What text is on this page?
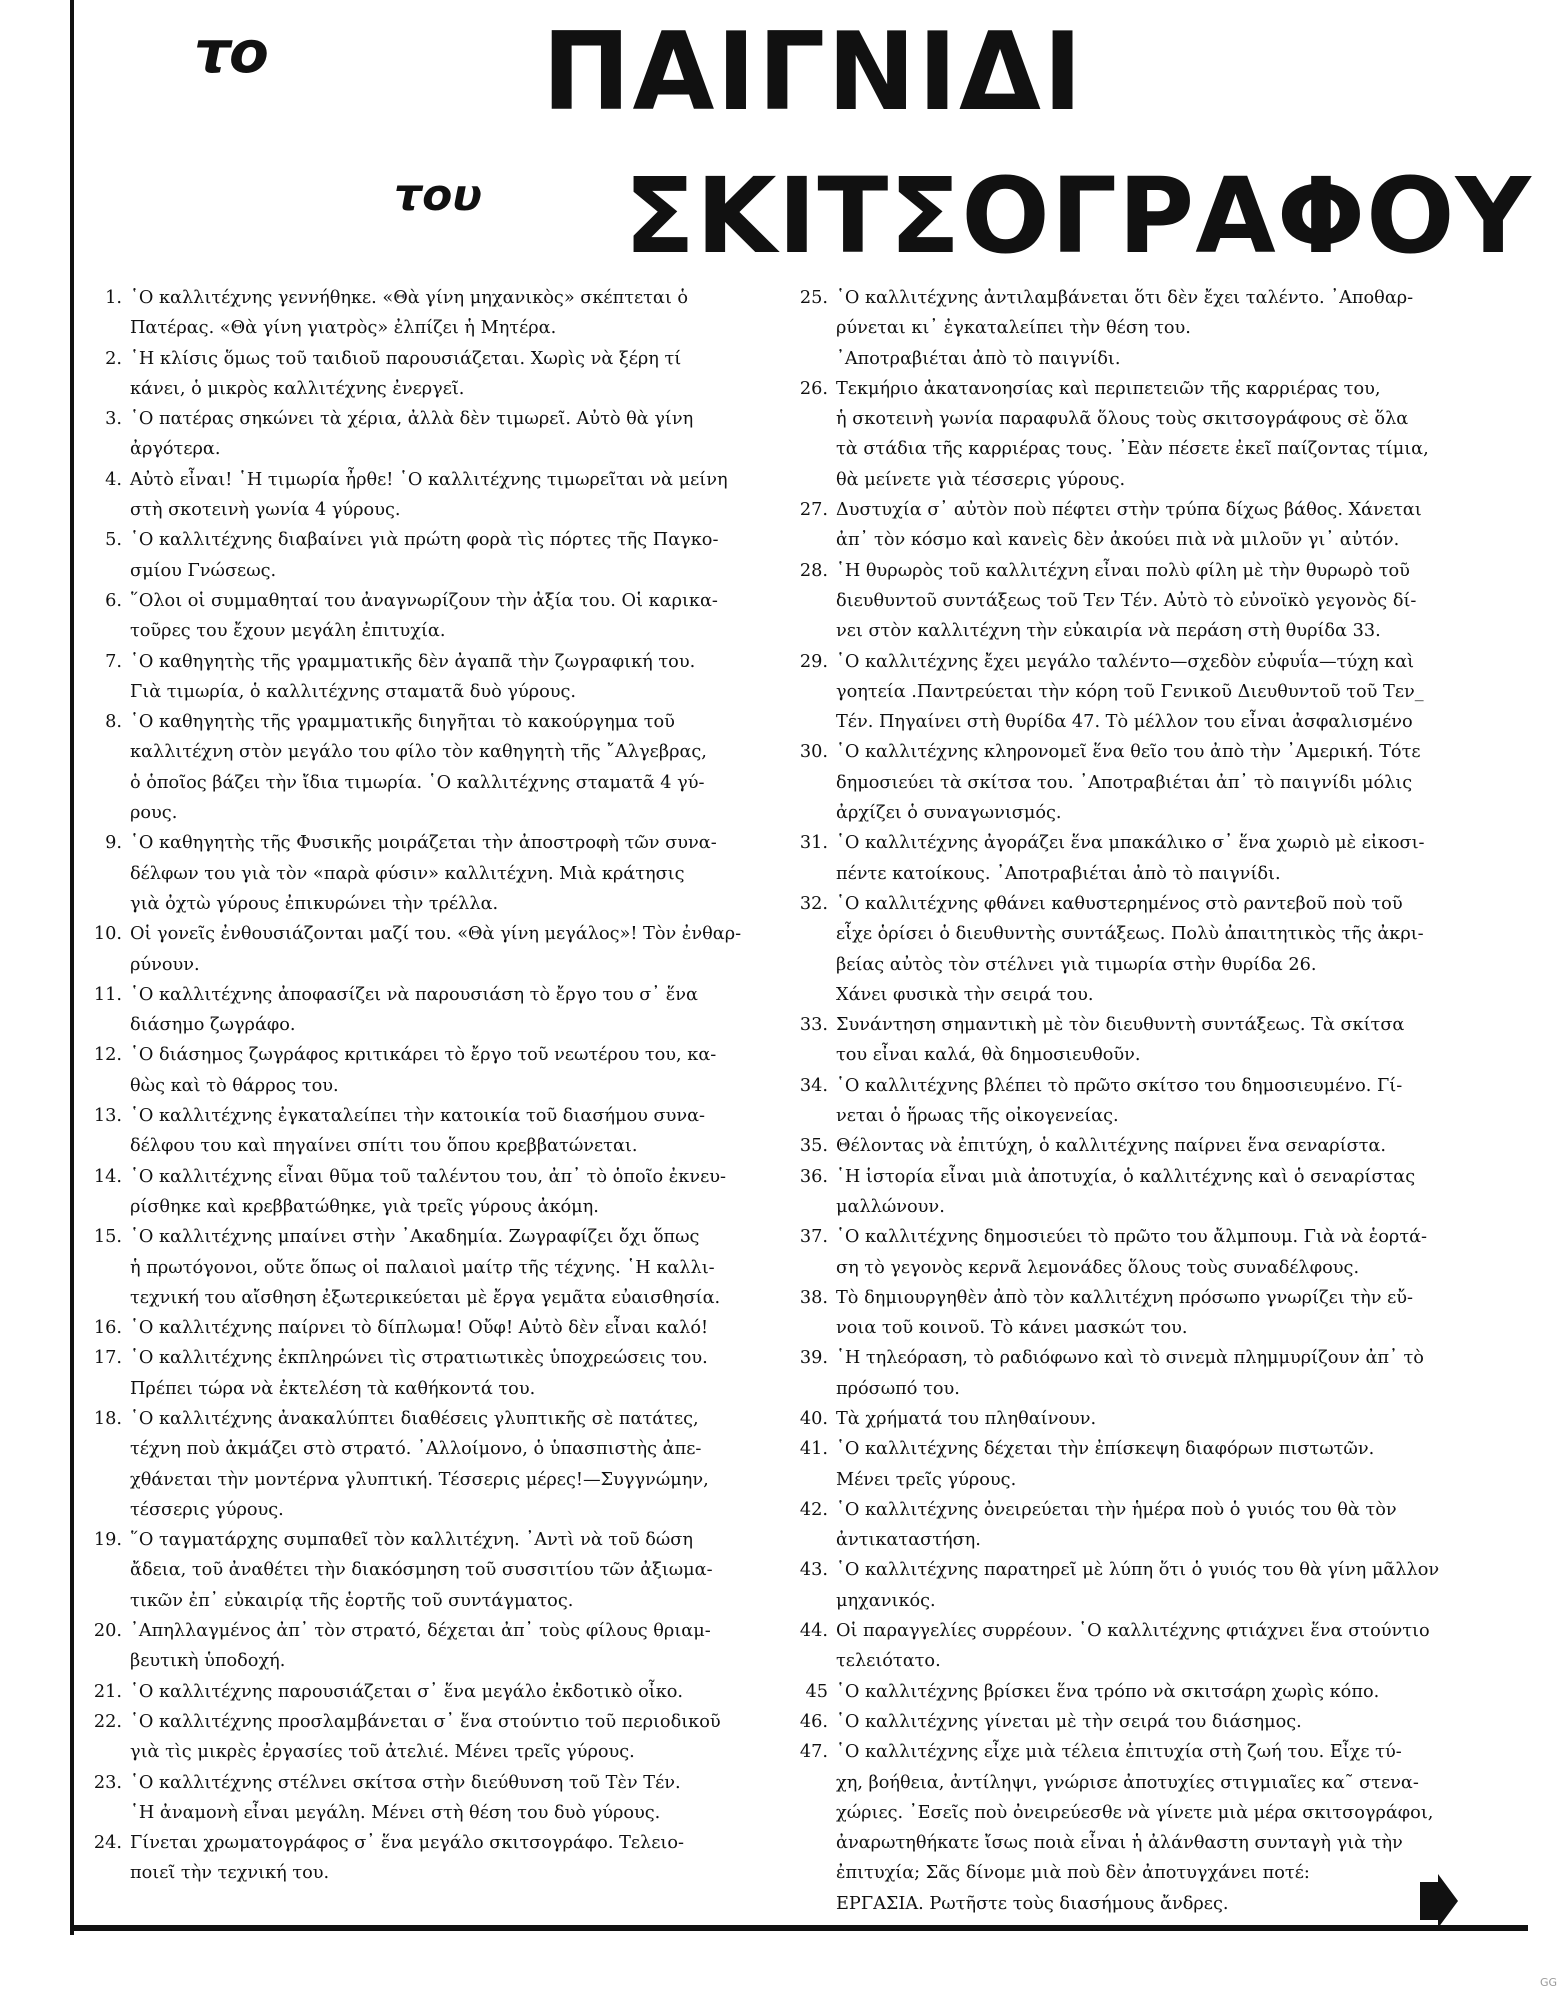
το	ΠΑΙΓΝΙΔΙ
του ΣΚΙΤΣΟΓΡΑΦΟΥ
1. ῾Ο καλλιτέχνης γεννήθηκε. «Θὰ γίνη μηχανικὸς» σκέπτεται ὁ
Πατέρας. «Θὰ γίνη γιατρὸς» ἐλπίζει ἡ Μητέρα.
2. ῾Η κλίσις ὅμως τοῦ ταιδιοῦ παρουσιάζεται. Χωρὶς νὰ ξέρη τί
κάνει, ὁ μικρὸς καλλιτέχνης ἐνεργεῖ.
3. ῾Ο πατέρας σηκώνει τὰ χέρια, ἀλλὰ δὲν τιμωρεῖ. Αὐτὸ θὰ γίνη
ἀργότερα.
4. Αὐτὸ εἶναι! ῾Η τιμωρία ἦρθε! ῾Ο καλλιτέχνης τιμωρεῖται νὰ μείνη
στὴ σκοτεινὴ γωνία 4 γύρους.
5. ῾Ο καλλιτέχνης διαβαίνει γιὰ πρώτη φορὰ τὶς πόρτες τῆς Παγκο-
σμίου Γνώσεως.
6. ῞Ολοι οἱ συμμαθηταί του ἀναγνωρίζουν τὴν ἀξία του. Οἱ καρικα-
τοῦρες του ἔχουν μεγάλη ἐπιτυχία.
7. ῾Ο καθηγητὴς τῆς γραμματικῆς δὲν ἀγαπᾶ τὴν ζωγραφική του.
Γιὰ τιμωρία, ὁ καλλιτέχνης σταματᾶ δυὸ γύρους.
8. ῾Ο καθηγητὴς τῆς γραμματικῆς διηγῆται τὸ κακούργημα τοῦ
καλλιτέχνη στὸν μεγάλο του φίλο τὸν καθηγητὴ τῆς ῎Αλγεβρας,
ὁ ὁποῖος βάζει τὴν ἴδια τιμωρία. ῾Ο καλλιτέχνης σταματᾶ 4 γύ-
ρους.
9. ῾Ο καθηγητὴς τῆς Φυσικῆς μοιράζεται τὴν ἀποστροφὴ τῶν συνα-
δέλφων του γιὰ τὸν «παρὰ φύσιν» καλλιτέχνη. Μιὰ κράτησις
γιὰ ὀχτὼ γύρους ἐπικυρώνει τὴν τρέλλα.
10. Οἱ γονεῖς ἐνθουσιάζονται μαζί του. «Θὰ γίνη μεγάλος»! Τὸν ἐνθαρ-
ρύνουν.
11. ῾Ο καλλιτέχνης ἀποφασίζει νὰ παρουσιάση τὸ ἔργο του σ᾽ ἕνα
διάσημο ζωγράφο.
12. ῾Ο διάσημος ζωγράφος κριτικάρει τὸ ἔργο τοῦ νεωτέρου του, κα-
θὼς καὶ τὸ θάρρος του.
13. ῾Ο καλλιτέχνης ἐγκαταλείπει τὴν κατοικία τοῦ διασήμου συνα-
δέλφου του καὶ πηγαίνει σπίτι του ὅπου κρεββατώνεται.
14. ῾Ο καλλιτέχνης εἶναι θῦμα τοῦ ταλέντου του, ἀπ᾽ τὸ ὁποῖο ἐκνευ-
ρίσθηκε καὶ κρεββατώθηκε, γιὰ τρεῖς γύρους ἀκόμη.
15. ῾Ο καλλιτέχνης μπαίνει στὴν ᾽Ακαδημία. Ζωγραφίζει ὄχι ὅπως
ἡ πρωτόγονοι, οὔτε ὅπως οἱ παλαιοὶ μαίτρ τῆς τέχνης. ῾Η καλλι-
τεχνική του αἴσθηση ἐξωτερικεύεται μὲ ἔργα γεμᾶτα εὐαισθησία.
16. ῾Ο καλλιτέχνης παίρνει τὸ δίπλωμα! Οὔφ! Αὐτὸ δὲν εἶναι καλό!
17. ῾Ο καλλιτέχνης ἐκπληρώνει τὶς στρατιωτικὲς ὑποχρεώσεις του.
Πρέπει τώρα νὰ ἐκτελέση τὰ καθήκοντά του.
18. ῾Ο καλλιτέχνης ἀνακαλύπτει διαθέσεις γλυπτικῆς σὲ πατάτες,
τέχνη ποὺ ἀκμάζει στὸ στρατό. ᾽Αλλοίμονο, ὁ ὑπασπιστὴς ἀπε-
χθάνεται τὴν μοντέρνα γλυπτική. Τέσσερις μέρες!—Συγγνώμην,
τέσσερις γύρους.
19. ῞Ο ταγματάρχης συμπαθεῖ τὸν καλλιτέχνη. ᾽Αντὶ νὰ τοῦ δώση
ἄδεια, τοῦ ἀναθέτει τὴν διακόσμηση τοῦ συσσιτίου τῶν ἀξιωμα-
τικῶν ἐπ᾽ εὐκαιρίᾳ τῆς ἑορτῆς τοῦ συντάγματος.
20. ᾽Απηλλαγμένος ἀπ᾽ τὸν στρατό, δέχεται ἀπ᾽ τοὺς φίλους θριαμ-
βευτικὴ ὑποδοχή.
21. ῾Ο καλλιτέχνης παρουσιάζεται σ᾽ ἕνα μεγάλο ἐκδοτικὸ οἶκο.
22. ῾Ο καλλιτέχνης προσλαμβάνεται σ᾽ ἕνα στούντιο τοῦ περιοδικοῦ
γιὰ τὶς μικρὲς ἐργασίες τοῦ ἀτελιέ. Μένει τρεῖς γύρους.
23. ῾Ο καλλιτέχνης στέλνει σκίτσα στὴν διεύθυνση τοῦ Τὲν Τέν.
῾Η ἀναμονὴ εἶναι μεγάλη. Μένει στὴ θέση του δυὸ γύρους.
24. Γίνεται χρωματογράφος σ᾽ ἕνα μεγάλο σκιτσογράφο. Τελειο-
ποιεῖ τὴν τεχνική του.
25. ῾Ο καλλιτέχνης ἀντιλαμβάνεται ὅτι δὲν ἔχει ταλέντο. ᾽Αποθαρ-
ρύνεται κι᾽ ἐγκαταλείπει τὴν θέση του.
᾽Αποτραβιέται ἀπὸ τὸ παιγνίδι.
26. Τεκμήριο ἀκατανοησίας καὶ περιπετειῶν τῆς καρριέρας του,
ἡ σκοτεινὴ γωνία παραφυλᾶ ὅλους τοὺς σκιτσογράφους σὲ ὅλα
τὰ στάδια τῆς καρριέρας τους. ᾽Εὰν πέσετε ἐκεῖ παίζοντας τίμια,
θὰ μείνετε γιὰ τέσσερις γύρους.
27. Δυστυχία σ᾽ αὐτὸν ποὺ πέφτει στὴν τρύπα δίχως βάθος. Χάνεται
ἀπ᾽ τὸν κόσμο καὶ κανεὶς δὲν ἀκούει πιὰ νὰ μιλοῦν γι᾽ αὐτόν.
28. ῾Η θυρωρὸς τοῦ καλλιτέχνη εἶναι πολὺ φίλη μὲ τὴν θυρωρὸ τοῦ
διευθυντοῦ συντάξεως τοῦ Τεν Τέν. Αὐτὸ τὸ εὐνοϊκὸ γεγονὸς δί-
νει στὸν καλλιτέχνη τὴν εὐκαιρία νὰ περάση στὴ θυρίδα 33.
29. ῾Ο καλλιτέχνης ἔχει μεγάλο ταλέντο—σχεδὸν εὐφυΐα—τύχη καὶ
γοητεία .Παντρεύεται τὴν κόρη τοῦ Γενικοῦ Διευθυντοῦ τοῦ Τεν_
Τέν. Πηγαίνει στὴ θυρίδα 47. Τὸ μέλλον του εἶναι ἀσφαλισμένο
30. ῾Ο καλλιτέχνης κληρονομεῖ ἕνα θεῖο του ἀπὸ τὴν ᾽Αμερική. Τότε
δημοσιεύει τὰ σκίτσα του. ᾽Αποτραβιέται ἀπ᾽ τὸ παιγνίδι μόλις
ἀρχίζει ὁ συναγωνισμός.
31. ῾Ο καλλιτέχνης ἀγοράζει ἕνα μπακάλικο σ᾽ ἕνα χωριὸ μὲ εἰκοσι-
πέντε κατοίκους. ᾽Αποτραβιέται ἀπὸ τὸ παιγνίδι.
32. ῾Ο καλλιτέχνης φθάνει καθυστερημένος στὸ ραντεβοῦ ποὺ τοῦ
εἶχε ὁρίσει ὁ διευθυντὴς συντάξεως. Πολὺ ἀπαιτητικὸς τῆς ἀκρι-
βείας αὐτὸς τὸν στέλνει γιὰ τιμωρία στὴν θυρίδα 26.
Χάνει φυσικὰ τὴν σειρά του.
33. Συνάντηση σημαντικὴ μὲ τὸν διευθυντὴ συντάξεως. Τὰ σκίτσα
του εἶναι καλά, θὰ δημοσιευθοῦν.
34. ῾Ο καλλιτέχνης βλέπει τὸ πρῶτο σκίτσο του δημοσιευμένο. Γί-
νεται ὁ ἥρωας τῆς οἰκογενείας.
35. Θέλοντας νὰ ἐπιτύχη, ὁ καλλιτέχνης παίρνει ἕνα σεναρίστα.
36. ῾Η ἱστορία εἶναι μιὰ ἀποτυχία, ὁ καλλιτέχνης καὶ ὁ σεναρίστας
μαλλώνουν.
37. ῾Ο καλλιτέχνης δημοσιεύει τὸ πρῶτο του ἄλμπουμ. Γιὰ νὰ ἑορτά-
ση τὸ γεγονὸς κερνᾶ λεμονάδες ὅλους τοὺς συναδέλφους.
38. Τὸ δημιουργηθὲν ἀπὸ τὸν καλλιτέχνη πρόσωπο γνωρίζει τὴν εὔ-
νοια τοῦ κοινοῦ. Τὸ κάνει μασκώτ του.
39. ῾Η τηλεόραση, τὸ ραδιόφωνο καὶ τὸ σινεμὰ πλημμυρίζουν ἀπ᾽ τὸ
πρόσωπό του.
40. Τὰ χρήματά του πληθαίνουν.
41. ῾Ο καλλιτέχνης δέχεται τὴν ἐπίσκεψη διαφόρων πιστωτῶν.
Μένει τρεῖς γύρους.
42. ῾Ο καλλιτέχνης ὀνειρεύεται τὴν ἡμέρα ποὺ ὁ γυιός του θὰ τὸν
ἀντικαταστήση.
43. ῾Ο καλλιτέχνης παρατηρεῖ μὲ λύπη ὅτι ὁ γυιός του θὰ γίνη μᾶλλον
μηχανικός.
44. Οἱ παραγγελίες συρρέουν. ῾Ο καλλιτέχνης φτιάχνει ἕνα στούντιο
τελειότατο.
45 ῾Ο καλλιτέχνης βρίσκει ἕνα τρόπο νὰ σκιτσάρη χωρὶς κόπο.
46. ῾Ο καλλιτέχνης γίνεται μὲ τὴν σειρά του διάσημος.
47. ῾Ο καλλιτέχνης εἶχε μιὰ τέλεια ἐπιτυχία στὴ ζωή του. Εἶχε τύ-
χη, βοήθεια, ἀντίληψι, γνώρισε ἀποτυχίες στιγμιαῖες κα῀ στενα-
χώριες. ᾽Εσεῖς ποὺ ὀνειρεύεσθε νὰ γίνετε μιὰ μέρα σκιτσογράφοι,
ἀναρωτηθήκατε ἴσως ποιὰ εἶναι ἡ ἀλάνθαστη συνταγὴ γιὰ τὴν
ἐπιτυχία; Σᾶς δίνομε μιὰ ποὺ δὲν ἀποτυγχάνει ποτέ:
ΕΡΓΑΣΙΑ. Ρωτῆστε τοὺς διασήμους ἄνδρες.
GG
